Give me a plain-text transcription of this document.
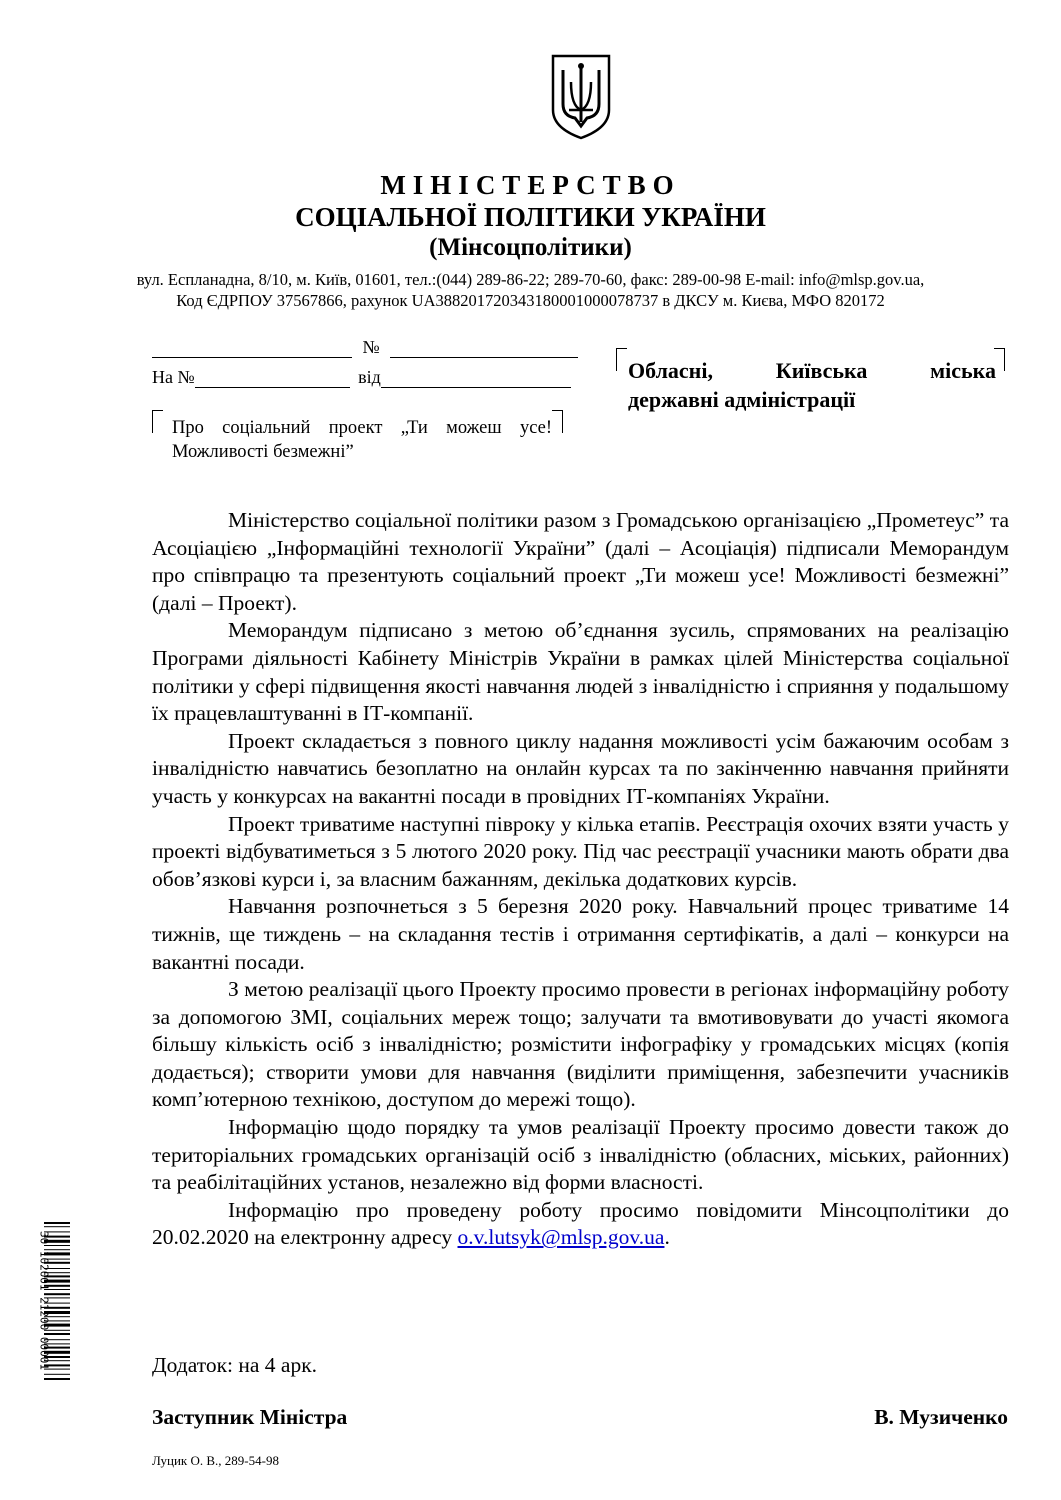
МІНІСТЕРСТВО
СОЦІАЛЬНОЇ ПОЛІТИКИ УКРАЇНИ
(Мінсоцполітики)
вул. Еспланадна, 8/10, м. Київ, 01601, тел.:(044) 289-86-22; 289-70-60, факс: 289-00-98 E-mail: info@mlsp.gov.ua,
Код ЄДРПОУ 37567866, рахунок UA388201720343180001000078737 в ДКСУ м. Києва, МФО 820172
№
На №	від	Обласні, Київська міська
державні адміністрації
Про соціальний проект „Ти можеш усе!
Можливості безмежні”

Міністерство соціальної політики разом з Громадською організацією „Прометеус” та Асоціацією „Інформаційні технології України” (далі – Асоціація) підписали Меморандум про співпрацю та презентують соціальний проект „Ти можеш усе! Можливості безмежні” (далі – Проект).

Меморандум підписано з метою об’єднання зусиль, спрямованих на реалізацію Програми діяльності Кабінету Міністрів України в рамках цілей Міністерства соціальної політики у сфері підвищення якості навчання людей з інвалідністю і сприяння у подальшому їх працевлаштуванні в ІТ-компанії.

Проект складається з повного циклу надання можливості усім бажаючим особам з інвалідністю навчатись безоплатно на онлайн курсах та по закінченню навчання прийняти участь у конкурсах на вакантні посади в провідних ІТ-компаніях України.

Проект триватиме наступні півроку у кілька етапів. Реєстрація охочих взяти участь у проекті відбуватиметься з 5 лютого 2020 року. Під час реєстрації учасники мають обрати два обов’язкові курси і, за власним бажанням, декілька додаткових курсів.

Навчання розпочнеться з 5 березня 2020 року. Навчальний процес триватиме 14 тижнів, ще тиждень – на складання тестів і отримання сертифікатів, а далі – конкурси на вакантні посади.

З метою реалізації цього Проекту просимо провести в регіонах інформаційну роботу за допомогою ЗМІ, соціальних мереж тощо; залучати та вмотивовувати до участі якомога більшу кількість осіб з інвалідністю; розмістити інфографіку у громадських місцях (копія додається); створити умови для навчання (виділити приміщення, забезпечити учасників комп’ютерною технікою, доступом до мережі тощо).

Інформацію щодо порядку та умов реалізації Проекту просимо довести також до територіальних громадських організацій осіб з інвалідністю (обласних, міських, районних) та реабілітаційних установ, незалежно від форми власності.

Інформацію про проведену роботу просимо повідомити Мінсоцполітики до 20.02.2020 на електронну адресу o.v.lutsyk@mlsp.gov.ua.

Додаток: на 4 арк.
Заступник Міністра	В. Музиченко
Луцик О. В., 289-54-98
30 102001 21200 00001
